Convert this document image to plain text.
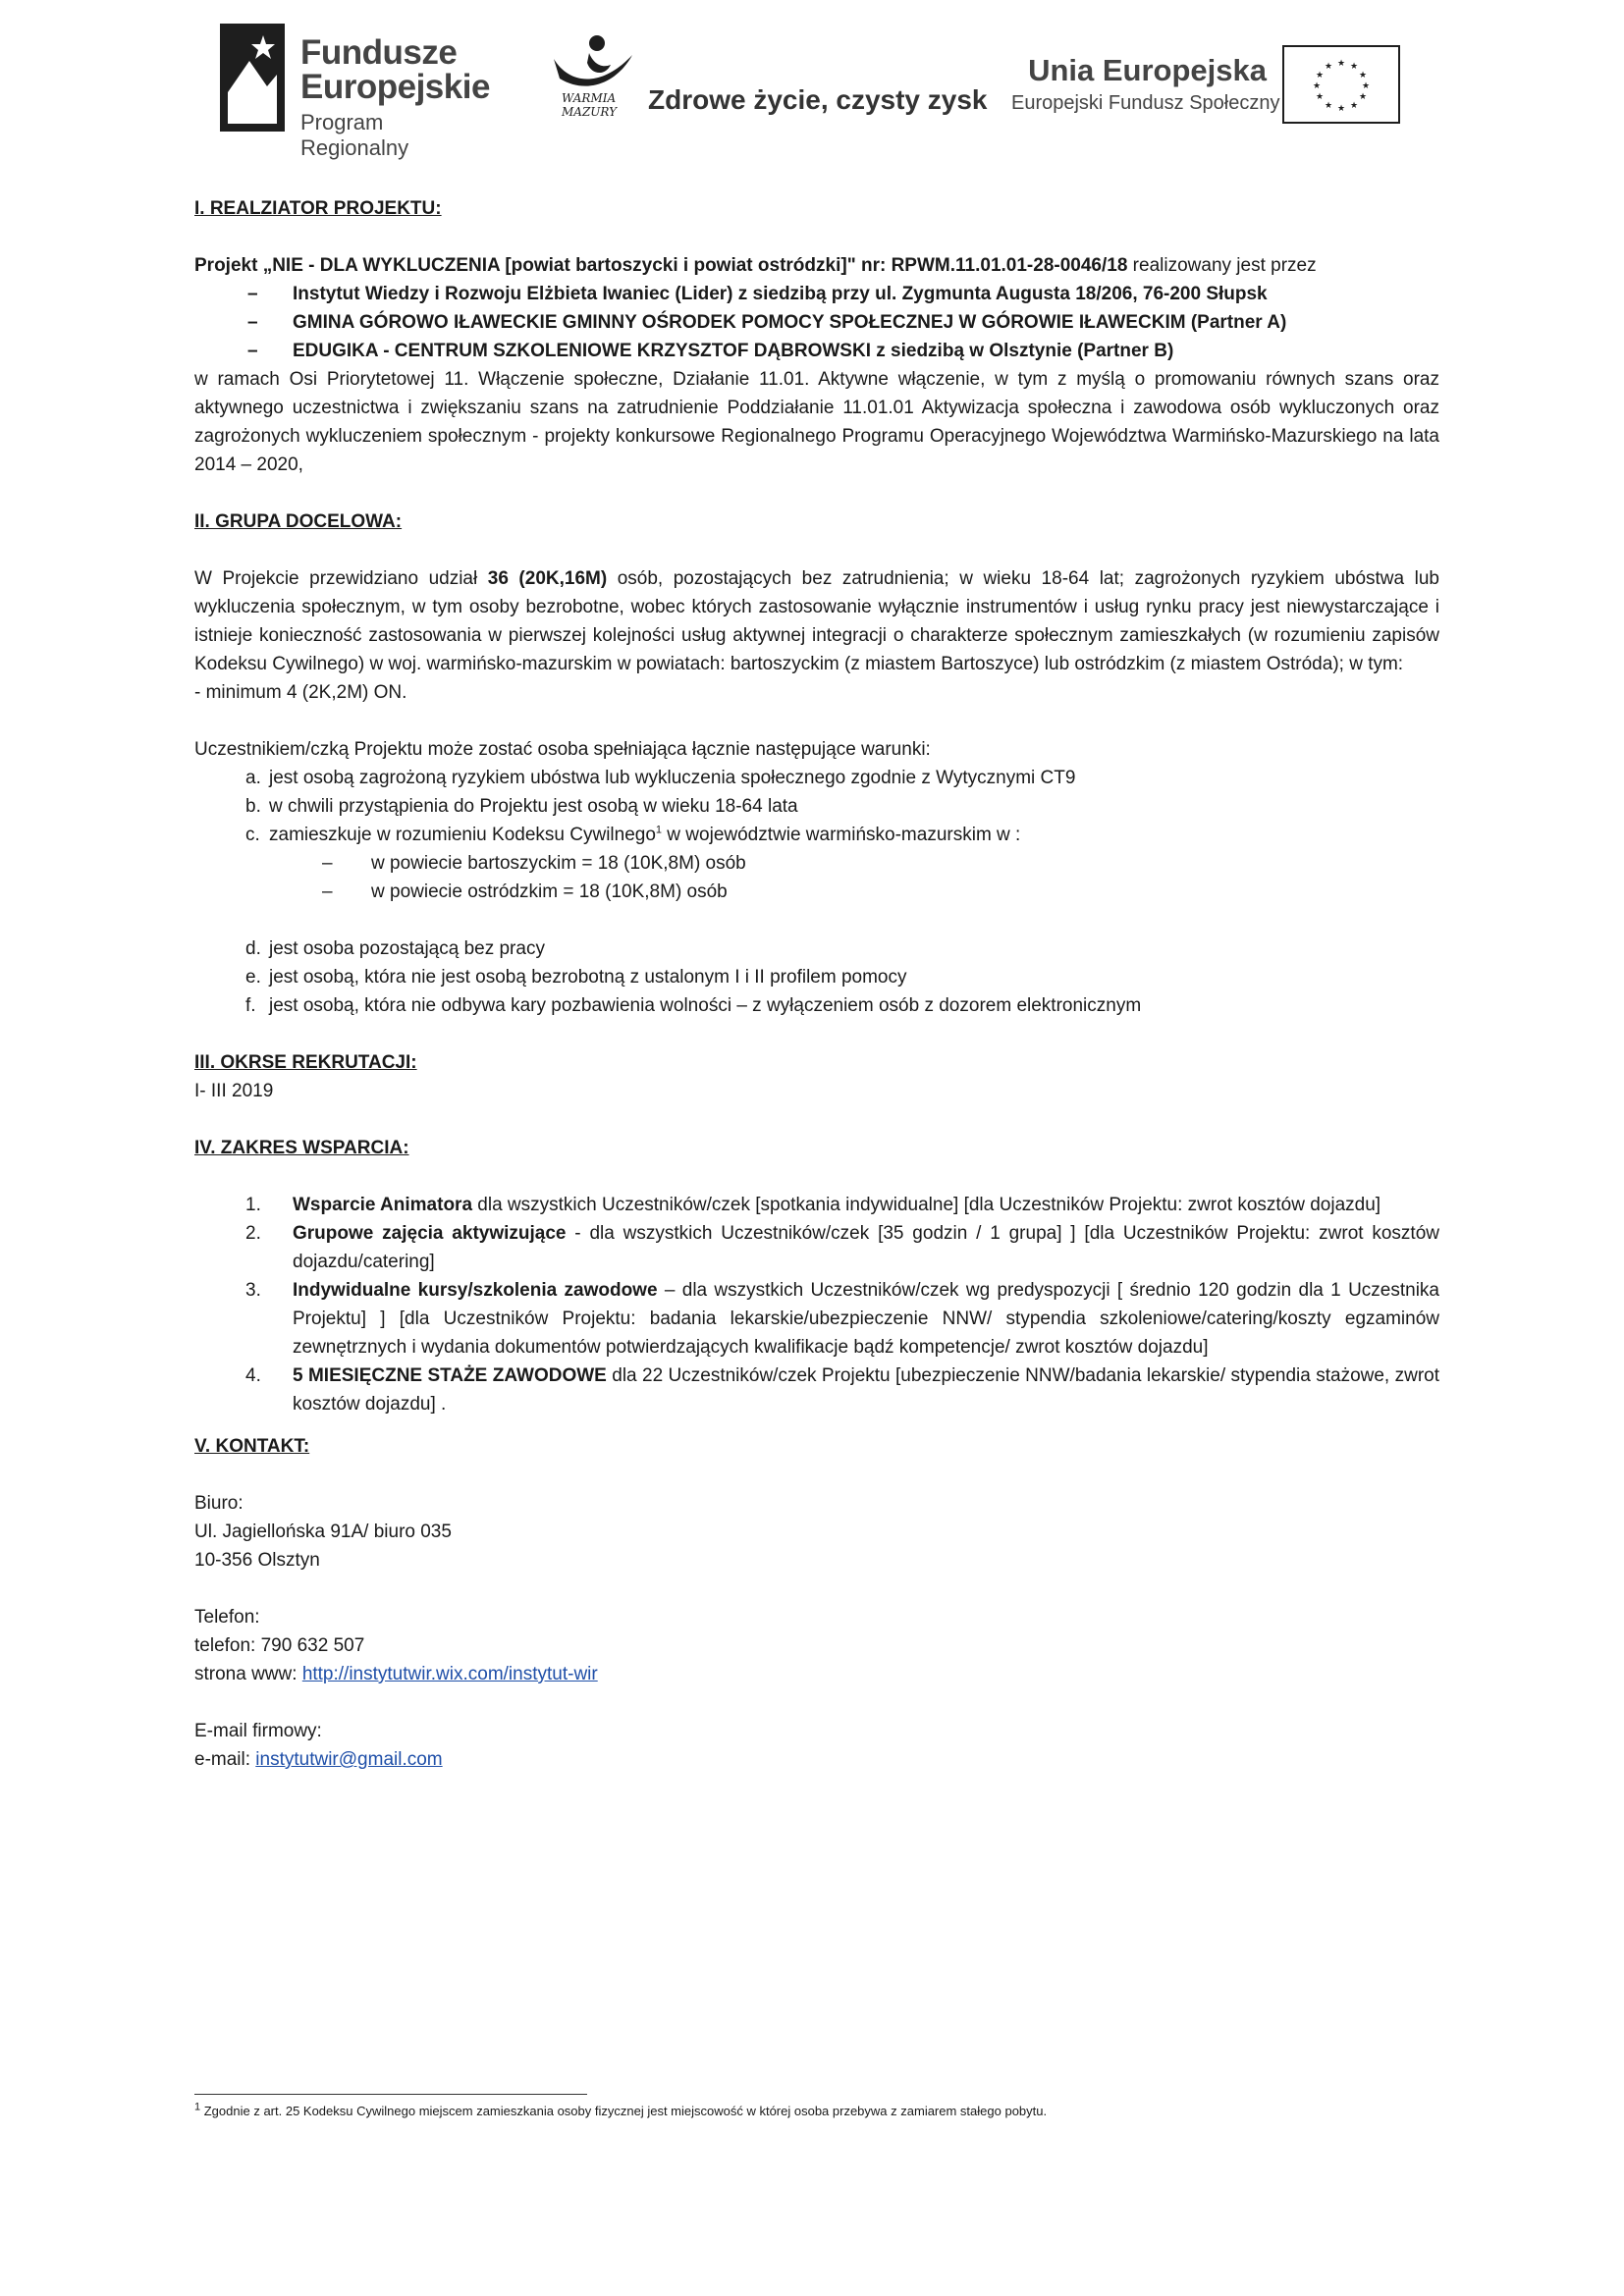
Fundusze
Europejskie
Program Regionalny
WARMIA
MAZURY Zdrowe życie, czysty zysk
Unia Europejska
Europejski Fundusz Społeczny
★ ★
★
★
★
★
★
★
★
★
★
★

I. REALZIATOR PROJEKTU:

Projekt „NIE - DLA WYKLUCZENIA [powiat bartoszycki i powiat ostródzki]" nr: RPWM.11.01.01-28-0046/18 realizowany jest przez

– Instytut Wiedzy i Rozwoju Elżbieta Iwaniec (Lider) z siedzibą przy ul. Zygmunta Augusta 18/206, 76-200 Słupsk

– GMINA GÓROWO IŁAWECKIE GMINNY OŚRODEK POMOCY SPOŁECZNEJ W GÓROWIE IŁAWECKIM (Partner A)

– EDUGIKA - CENTRUM SZKOLENIOWE KRZYSZTOF DĄBROWSKI z siedzibą w Olsztynie (Partner B)

w ramach Osi Priorytetowej 11. Włączenie społeczne, Działanie 11.01. Aktywne włączenie, w tym z myślą o promowaniu równych szans oraz aktywnego uczestnictwa i zwiększaniu szans na zatrudnienie Poddziałanie 11.01.01 Aktywizacja społeczna i zawodowa osób wykluczonych oraz zagrożonych wykluczeniem społecznym - projekty konkursowe Regionalnego Programu Operacyjnego Województwa Warmińsko-Mazurskiego na lata 2014 – 2020,

II. GRUPA DOCELOWA:

W Projekcie przewidziano udział 36 (20K,16M) osób, pozostających bez zatrudnienia; w wieku 18-64 lat; zagrożonych ryzykiem ubóstwa lub wykluczenia społecznym, w tym osoby bezrobotne, wobec których zastosowanie wyłącznie instrumentów i usług rynku pracy jest niewystarczające i istnieje konieczność zastosowania w pierwszej kolejności usług aktywnej integracji o charakterze społecznym zamieszkałych (w rozumieniu zapisów Kodeksu Cywilnego) w woj. warmińsko-mazurskim w powiatach: bartoszyckim (z miastem Bartoszyce) lub ostródzkim (z miastem Ostróda); w tym:

- minimum 4 (2K,2M) ON.

Uczestnikiem/czką Projektu może zostać osoba spełniająca łącznie następujące warunki:

a. jest osobą zagrożoną ryzykiem ubóstwa lub wykluczenia społecznego zgodnie z Wytycznymi CT9

b. w chwili przystąpienia do Projektu jest osobą w wieku 18-64 lata

c. zamieszkuje w rozumieniu Kodeksu Cywilnego$^1$ w województwie warmińsko-mazurskim w :

– w powiecie bartoszyckim = 18 (10K,8M) osób

– w powiecie ostródzkim = 18 (10K,8M) osób

d. jest osoba pozostającą bez pracy

e. jest osobą, która nie jest osobą bezrobotną z ustalonym I i II profilem pomocy

f. jest osobą, która nie odbywa kary pozbawienia wolności – z wyłączeniem osób z dozorem elektronicznym

III. OKRSE REKRUTACJI:

I- III 2019

IV. ZAKRES WSPARCIA:

1. Wsparcie Animatora dla wszystkich Uczestników/czek [spotkania indywidualne] [dla Uczestników Projektu: zwrot kosztów dojazdu]

2. Grupowe zajęcia aktywizujące - dla wszystkich Uczestników/czek [35 godzin / 1 grupa] ] [dla Uczestników Projektu: zwrot kosztów dojazdu/catering]

3. Indywidualne kursy/szkolenia zawodowe – dla wszystkich Uczestników/czek wg predyspozycji [ średnio 120 godzin dla 1 Uczestnika Projektu] ] [dla Uczestników Projektu: badania lekarskie/ubezpieczenie NNW/ stypendia szkoleniowe/catering/koszty egzaminów zewnętrznych i wydania dokumentów potwierdzających kwalifikacje bądź kompetencje/ zwrot kosztów dojazdu]

4. 5 MIESIĘCZNE STAŻE ZAWODOWE dla 22 Uczestników/czek Projektu [ubezpieczenie NNW/badania lekarskie/ stypendia stażowe, zwrot kosztów dojazdu] .

V. KONTAKT:

Biuro:

Ul. Jagiellońska 91A/ biuro 035

10-356 Olsztyn

Telefon:

telefon: 790 632 507

strona www: http://instytutwir.wix.com/instytut-wir

E-mail firmowy:

e-mail: instytutwir@gmail.com

$^1$ Zgodnie z art. 25 Kodeksu Cywilnego miejscem zamieszkania osoby fizycznej jest miejscowość w której osoba przebywa z zamiarem stałego pobytu.
